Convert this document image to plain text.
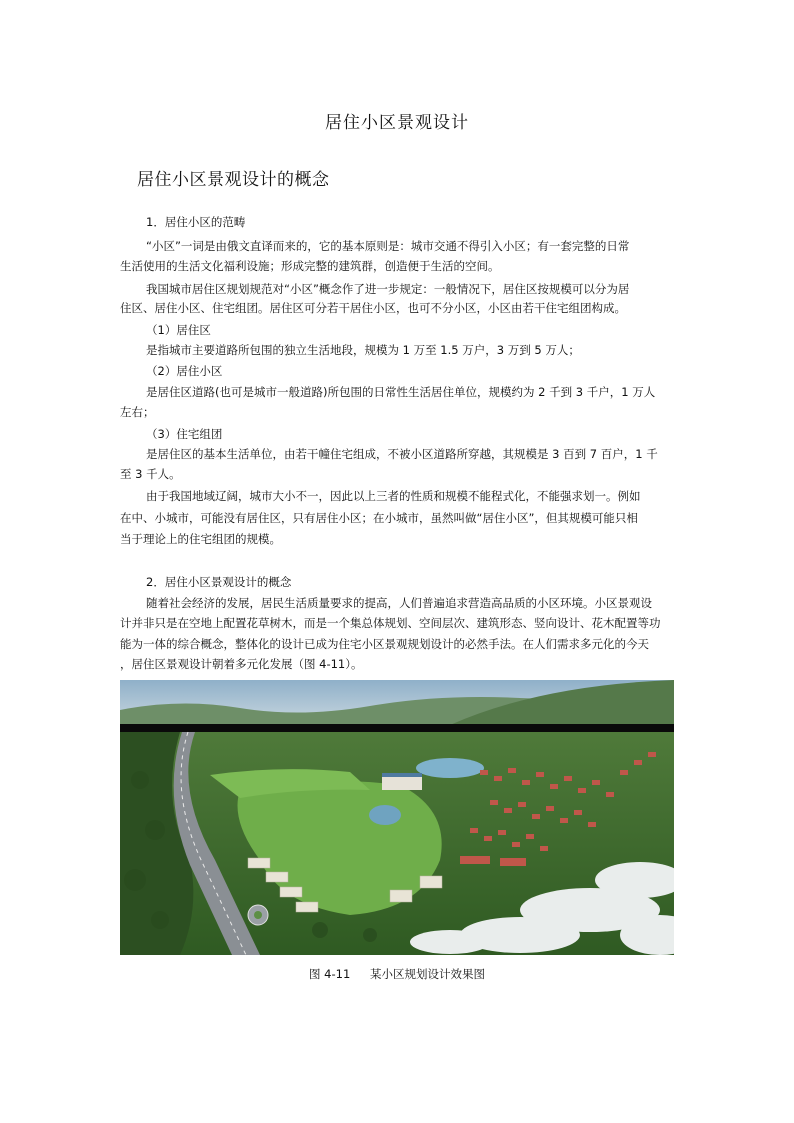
居住小区景观设计
居住小区景观设计的概念
1．居住小区的范畴
“小区”一词是由俄文直译而来的，它的基本原则是：城市交通不得引入小区；有一套完整的日常
生活使用的生活文化福利设施；形成完整的建筑群，创造便于生活的空间。
我国城市居住区规划规范对“小区”概念作了进一步规定：一般情况下，居住区按规模可以分为居
住区、居住小区、住宅组团。居住区可分若干居住小区，也可不分小区，小区由若干住宅组团构成。
（1）居住区
是指城市主要道路所包围的独立生活地段，规模为 1 万至 1.5 万户，3 万到 5 万人；
（2）居住小区
是居住区道路(也可是城市一般道路)所包围的日常性生活居住单位，规模约为 2 千到 3 千户，1 万人
左右；
（3）住宅组团
是居住区的基本生活单位，由若干幢住宅组成，不被小区道路所穿越，其规模是 3 百到 7 百户，1 千
至 3 千人。
由于我国地域辽阔，城市大小不一，因此以上三者的性质和规模不能程式化，不能强求划一。例如
在中、小城市，可能没有居住区，只有居住小区；在小城市，虽然叫做“居住小区”，但其规模可能只相
当于理论上的住宅组团的规模。
2．居住小区景观设计的概念
随着社会经济的发展，居民生活质量要求的提高，人们普遍追求营造高品质的小区环境。小区景观设
计并非只是在空地上配置花草树木，而是一个集总体规划、空间层次、建筑形态、竖向设计、花木配置等功
能为一体的综合概念，整体化的设计已成为住宅小区景观规划设计的必然手法。在人们需求多元化的今天
，居住区景观设计朝着多元化发展（图 4-11）。
图 4-11 某小区规划设计效果图
